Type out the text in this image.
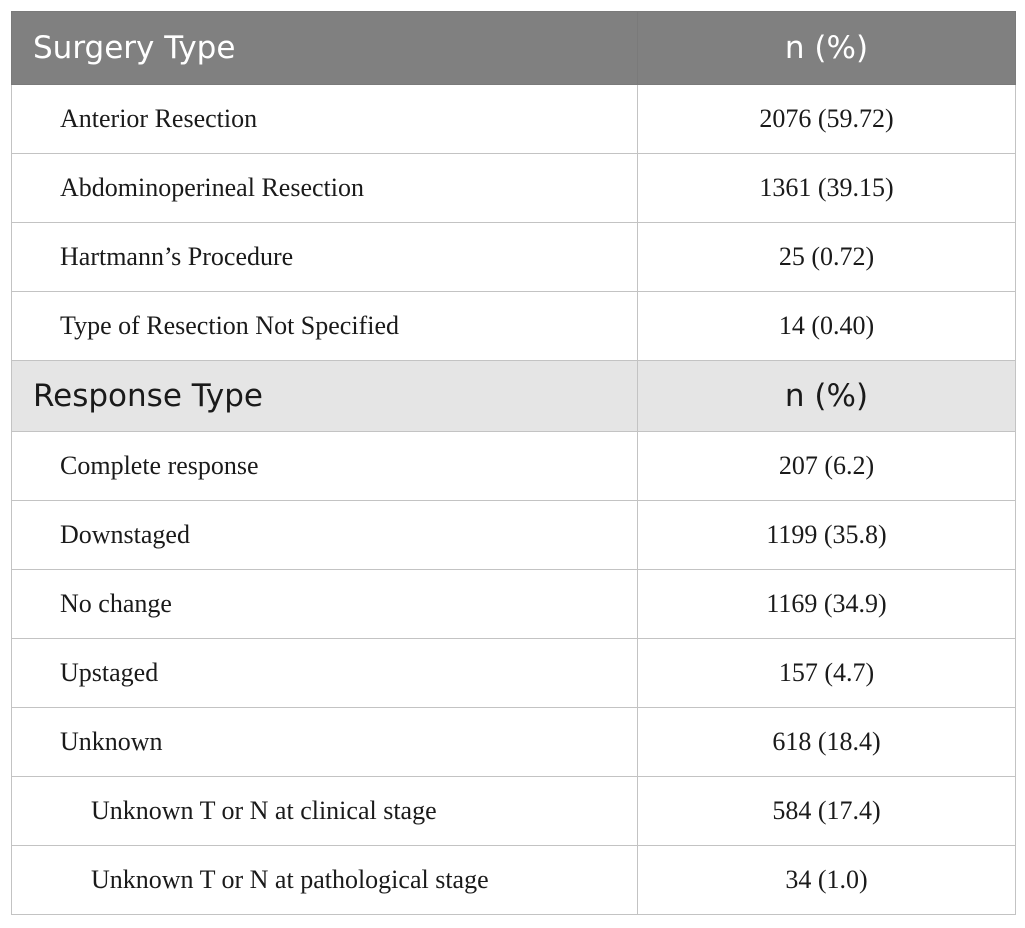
Surgery Type	n (%)
Anterior Resection	2076 (59.72)
Abdominoperineal Resection	1361 (39.15)
Hartmann’s Procedure	25 (0.72)
Type of Resection Not Specified	14 (0.40)
Response Type	n (%)
Complete response	207 (6.2)
Downstaged	1199 (35.8)
No change	1169 (34.9)
Upstaged	157 (4.7)
Unknown	618 (18.4)
Unknown T or N at clinical stage	584 (17.4)
Unknown T or N at pathological stage	34 (1.0)
